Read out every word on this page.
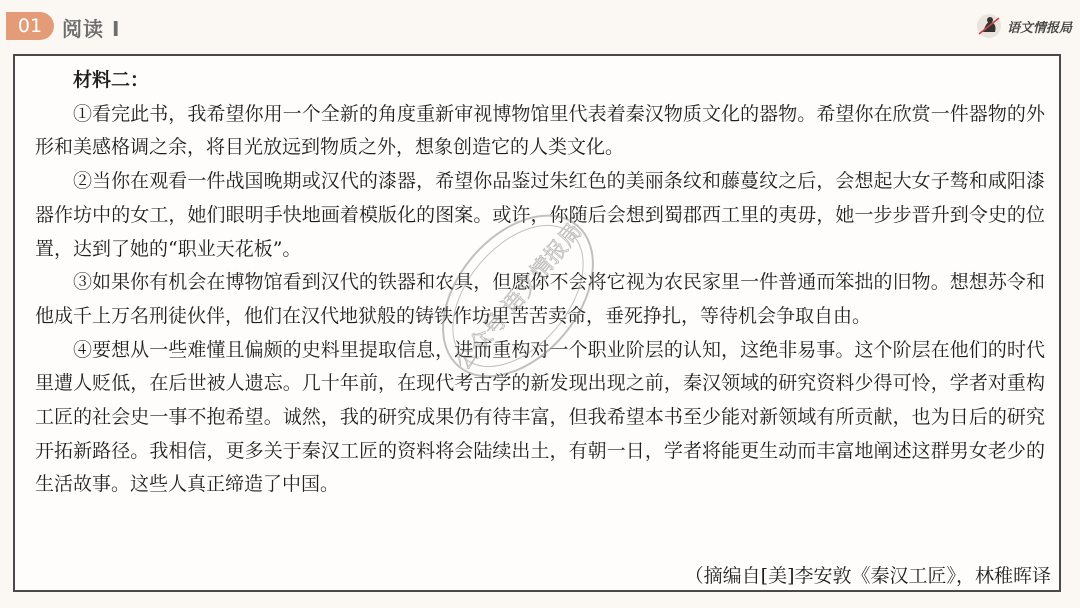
01 阅读 I	语文情报局

材料二：

①看完此书，我希望你用一个全新的角度重新审视博物馆里代表着秦汉物质文化的器物。希望你在欣赏一件器物的外形和美感格调之余，将目光放远到物质之外，想象创造它的人类文化。

②当你在观看一件战国晚期或汉代的漆器，希望你品鉴过朱红色的美丽条纹和藤蔓纹之后，会想起大女子骜和咸阳漆器作坊中的女工，她们眼明手快地画着模版化的图案。或许，你随后会想到蜀郡西工里的夷毋，她一步步晋升到令史的位置，达到了她的“职业天花板”。

③如果你有机会在博物馆看到汉代的铁器和农具，但愿你不会将它视为农民家里一件普通而笨拙的旧物。想想苏令和他成千上万名刑徒伙伴，他们在汉代地狱般的铸铁作坊里苦苦卖命，垂死挣扎，等待机会争取自由。

④要想从一些难懂且偏颇的史料里提取信息，进而重构对一个职业阶层的认知，这绝非易事。这个阶层在他们的时代里遭人贬低，在后世被人遗忘。几十年前，在现代考古学的新发现出现之前，秦汉领域的研究资料少得可怜，学者对重构工匠的社会史一事不抱希望。诚然，我的研究成果仍有待丰富，但我希望本书至少能对新领域有所贡献，也为日后的研究开拓新路径。我相信，更多关于秦汉工匠的资料将会陆续出土，有朝一日，学者将能更生动而丰富地阐述这群男女老少的生活故事。这些人真正缔造了中国。

（摘编自[美]李安敦《秦汉工匠》，林稚晖译
公众号 语文情报局
